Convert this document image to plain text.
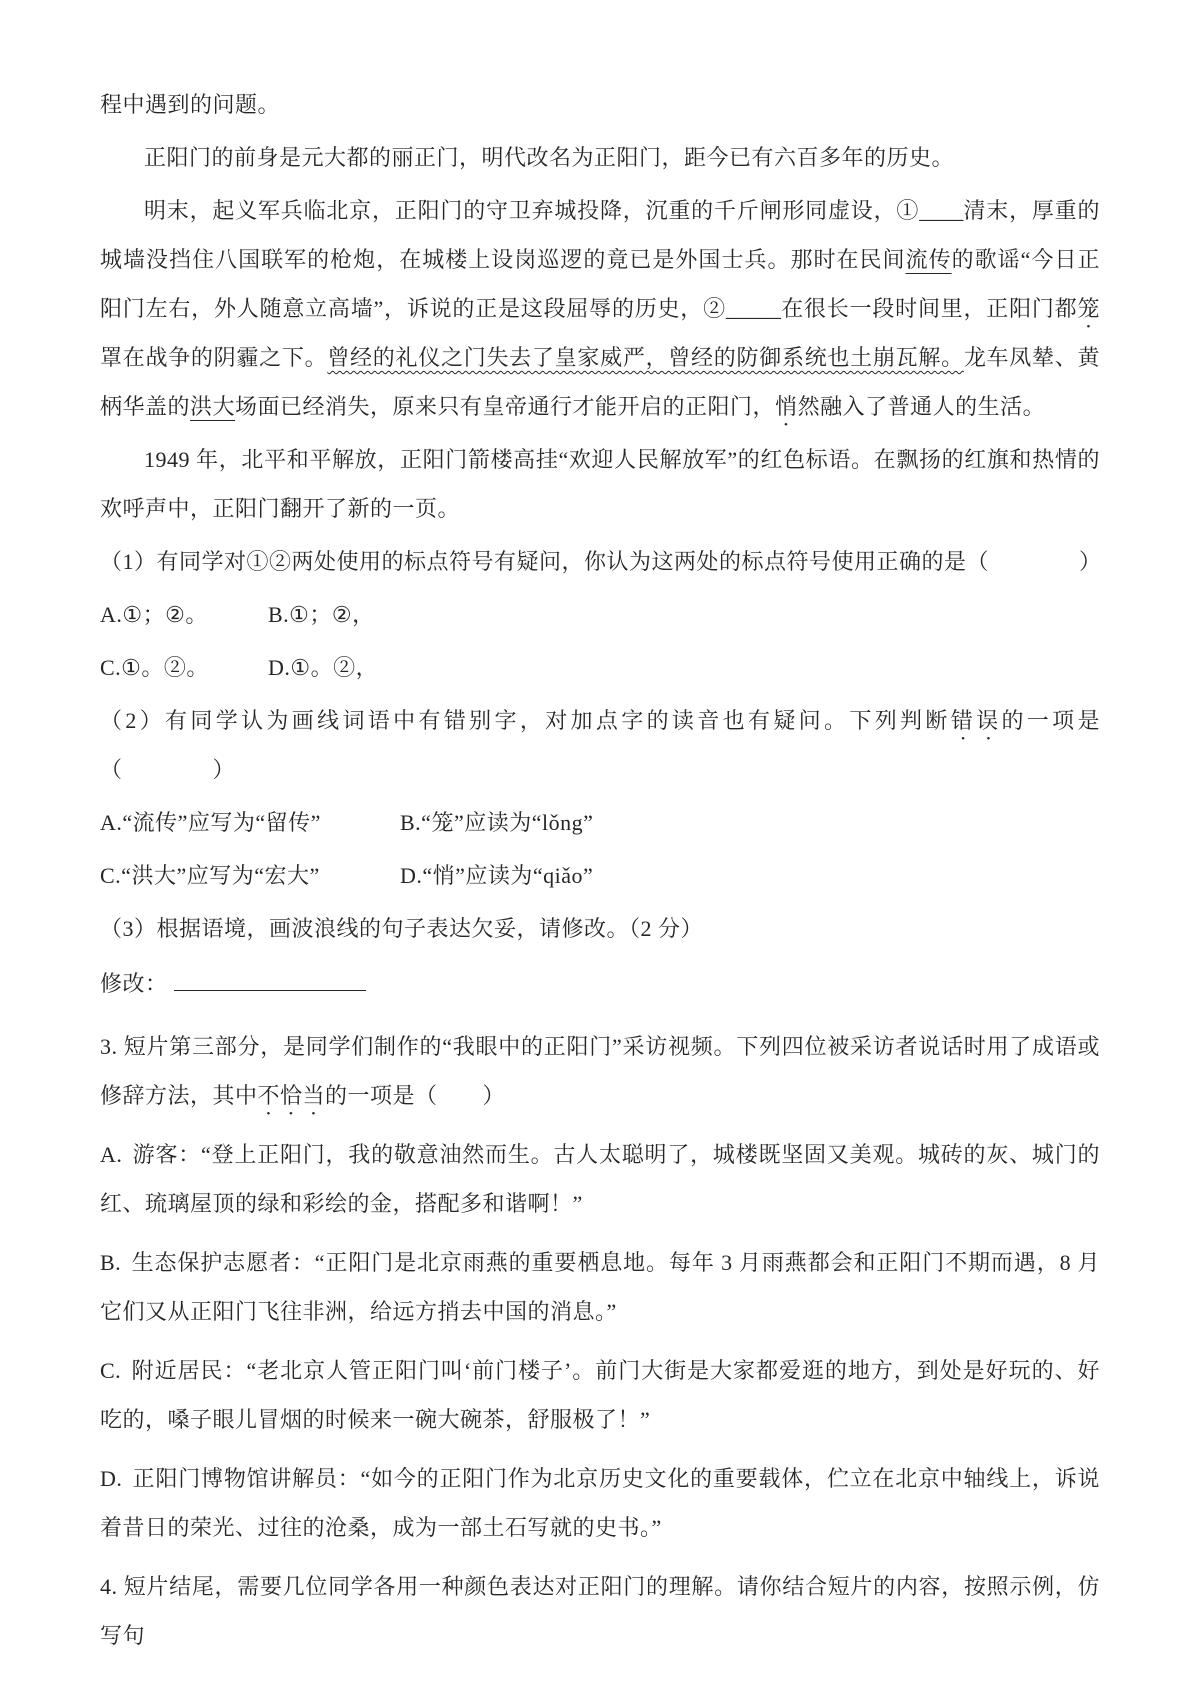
程中遇到的问题。

正阳门的前身是元大都的丽正门，明代改名为正阳门，距今已有六百多年的历史。

明末，起义军兵临北京，正阳门的守卫弃城投降，沉重的千斤闸形同虚设，①____清末，厚重的城墙没挡住八国联军的枪炮，在城楼上设岗巡逻的竟已是外国士兵。那时在民间流传的歌谣“今日正阳门左右，外人随意立高墙”，诉说的正是这段屈辱的历史，②_____在很长一段时间里，正阳门都笼罩在战争的阴霾之下。曾经的礼仪之门失去了皇家威严，曾经的防御系统也土崩瓦解。龙车凤辇、黄柄华盖的洪大场面已经消失，原来只有皇帝通行才能开启的正阳门，悄然融入了普通人的生活。

1949 年，北平和平解放，正阳门箭楼高挂“欢迎人民解放军”的红色标语。在飘扬的红旗和热情的欢呼声中，正阳门翻开了新的一页。

（1）有同学对①②两处使用的标点符号有疑问，你认为这两处的标点符号使用正确的是（　　　　）

A.①；②。	B.①；②，

C.①。②。	D.①。②，

（2）有同学认为画线词语中有错别字，对加点字的读音也有疑问。下列判断错误的一项是（　　　　）

A.“流传”应写为“留传”	B.“笼”应读为“lǒng”

C.“洪大”应写为“宏大”	D.“悄”应读为“qiǎo”

（3）根据语境，画波浪线的句子表达欠妥，请修改。（2 分）

修改：

3. 短片第三部分，是同学们制作的“我眼中的正阳门”采访视频。下列四位被采访者说话时用了成语或修辞方法，其中不恰当的一项是（　　）

A. 游客：“登上正阳门，我的敬意油然而生。古人太聪明了，城楼既坚固又美观。城砖的灰、城门的红、琉璃屋顶的绿和彩绘的金，搭配多和谐啊！”

B. 生态保护志愿者：“正阳门是北京雨燕的重要栖息地。每年 3 月雨燕都会和正阳门不期而遇，8 月它们又从正阳门飞往非洲，给远方捎去中国的消息。”

C. 附近居民：“老北京人管正阳门叫‘前门楼子’。前门大街是大家都爱逛的地方，到处是好玩的、好吃的，嗓子眼儿冒烟的时候来一碗大碗茶，舒服极了！”

D. 正阳门博物馆讲解员：“如今的正阳门作为北京历史文化的重要载体，伫立在北京中轴线上，诉说着昔日的荣光、过往的沧桑，成为一部土石写就的史书。”

4. 短片结尾，需要几位同学各用一种颜色表达对正阳门的理解。请你结合短片的内容，按照示例，仿写句
